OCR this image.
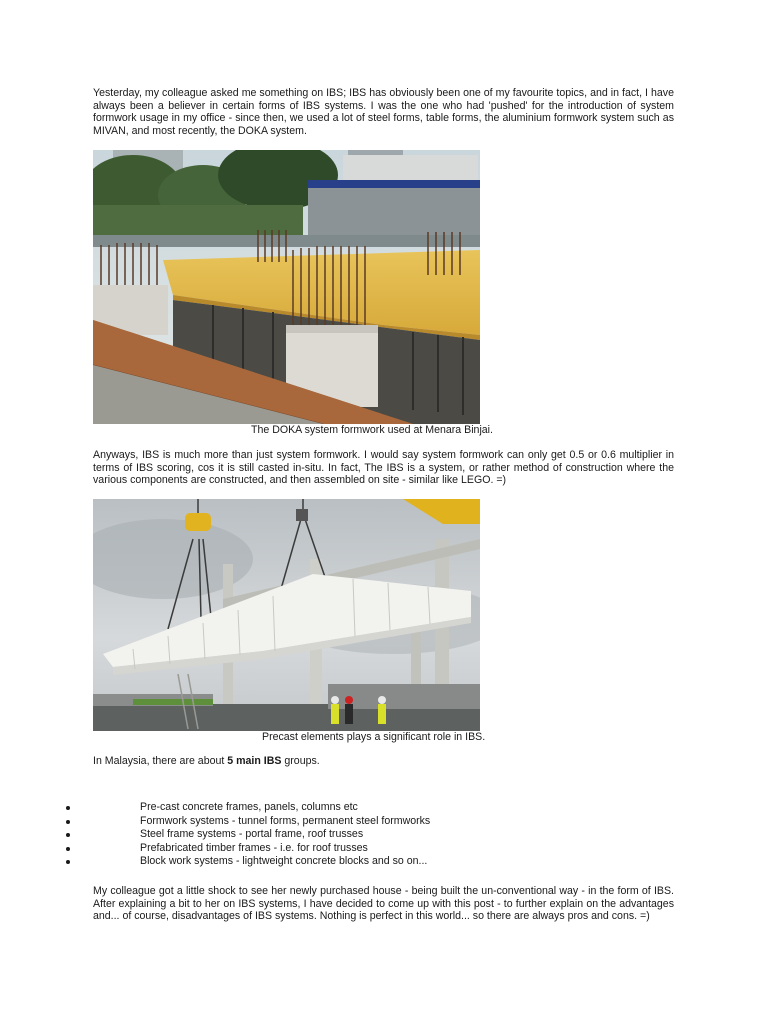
Yesterday, my colleague asked me something on IBS; IBS has obviously been one of my favourite topics, and in fact, I have always been a believer in certain forms of IBS systems. I was the one who had 'pushed' for the introduction of system formwork usage in my office - since then, we used a lot of steel forms, table forms, the aluminium formwork system such as MIVAN, and most recently, the DOKA system.

The DOKA system formwork used at Menara Binjai.

Anyways, IBS is much more than just system formwork. I would say system formwork can only get 0.5 or 0.6 multiplier in terms of IBS scoring, cos it is still casted in-situ. In fact, The IBS is a system, or rather method of construction where the various components are constructed, and then assembled on site - similar like LEGO. =)

Precast elements plays a significant role in IBS.

In Malaysia, there are about 5 main IBS groups.

Pre-cast concrete frames, panels, columns etc
Formwork systems - tunnel forms, permanent steel formworks
Steel frame systems - portal frame, roof trusses
Prefabricated timber frames - i.e. for roof trusses
Block work systems - lightweight concrete blocks and so on...

My colleague got a little shock to see her newly purchased house - being built the un-conventional way - in the form of IBS. After explaining a bit to her on IBS systems, I have decided to come up with this post - to further explain on the advantages and... of course, disadvantages of IBS systems. Nothing is perfect in this world... so there are always pros and cons. =)
